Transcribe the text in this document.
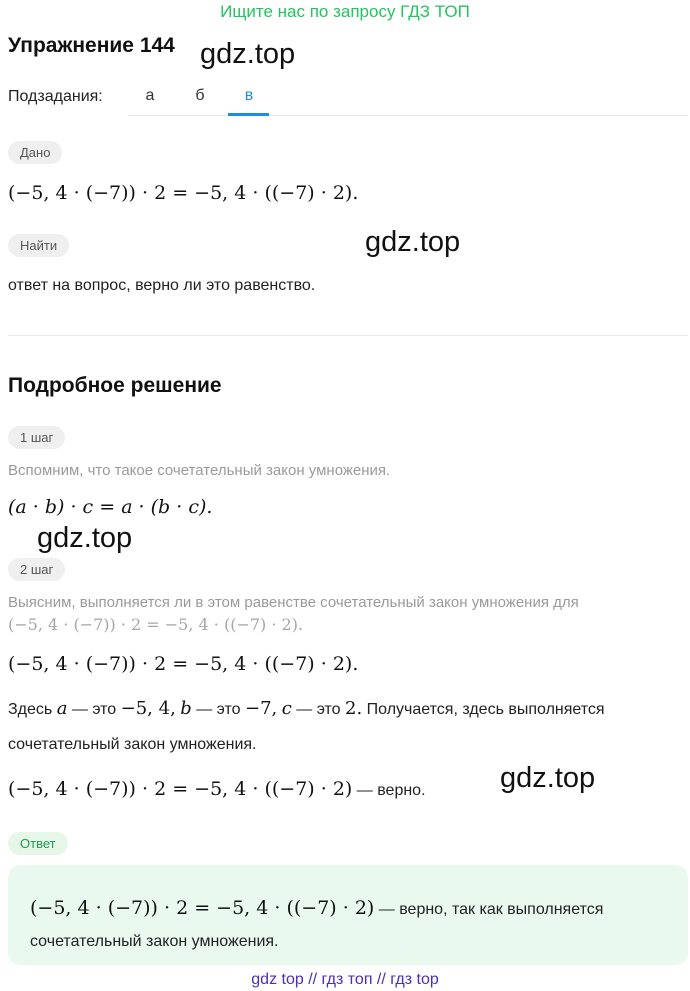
Ищите нас по запросу ГДЗ ТОП
Упражнение 144 gdz.top
Подзадания:	а	б	в
Дано
(−5, 4 · (−7)) · 2 = −5, 4 · ((−7) · 2).
Найти	gdz.top
ответ на вопрос, верно ли это равенство.
Подробное решение
1 шаг
Вспомним, что такое сочетательный закон умножения.
(a · b) · c = a · (b · c).
gdz.top
2 шаг
Выясним, выполняется ли в этом равенстве сочетательный закон умножения для
(−5, 4 · (−7)) · 2 = −5, 4 · ((−7) · 2).
(−5, 4 · (−7)) · 2 = −5, 4 · ((−7) · 2).
Здесь a — это −5, 4, b — это −7, c — это 2. Получается, здесь выполняется
сочетательный закон умножения.
gdz.top
(−5, 4 · (−7)) · 2 = −5, 4 · ((−7) · 2) — верно.
Ответ
(−5, 4 · (−7)) · 2 = −5, 4 · ((−7) · 2) — верно, так как выполняется
сочетательный закон умножения.
gdz top // гдз топ // гдз top
